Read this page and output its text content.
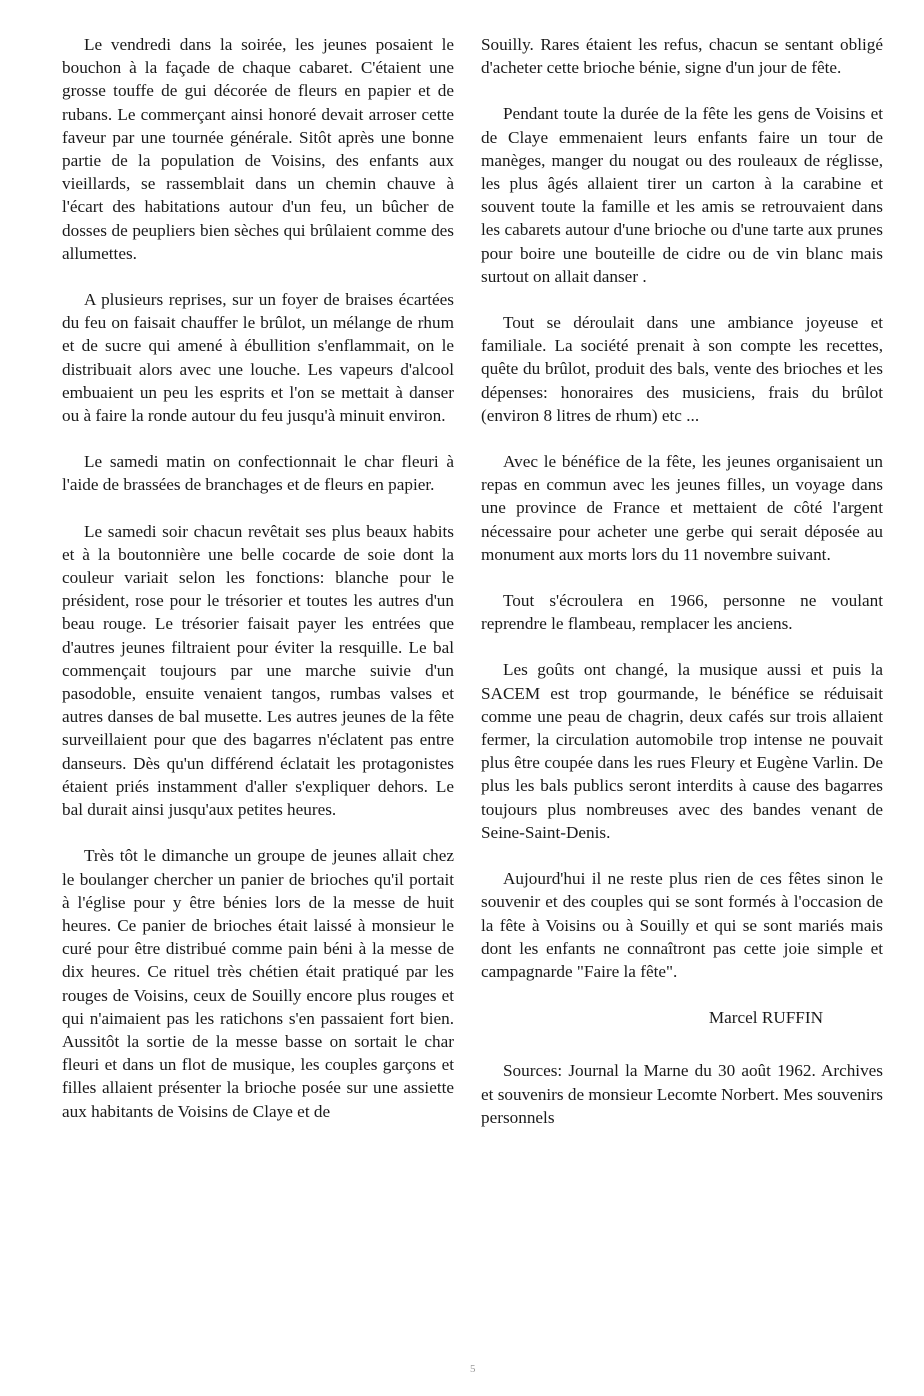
Le vendredi dans la soirée, les jeunes posaient le bouchon à la façade de chaque cabaret. C'étaient une grosse touffe de gui décorée de fleurs en papier et de rubans. Le commerçant ainsi honoré devait arroser cette faveur par une tournée générale. Sitôt après une bonne partie de la population de Voisins, des enfants aux vieillards, se rassemblait dans un chemin chauve à l'écart des habitations autour d'un feu, un bûcher de dosses de peupliers bien sèches qui brûlaient comme des allumettes.

A plusieurs reprises, sur un foyer de braises écartées du feu on faisait chauffer le brûlot, un mélange de rhum et de sucre qui amené à ébullition s'enflammait, on le distribuait alors avec une louche. Les vapeurs d'alcool embuaient un peu les esprits et l'on se mettait à danser ou à faire la ronde autour du feu jusqu'à minuit environ.

Le samedi matin on confectionnait le char fleuri à l'aide de brassées de branchages et de fleurs en papier.

Le samedi soir chacun revêtait ses plus beaux habits et à la boutonnière une belle cocarde de soie dont la couleur variait selon les fonctions: blanche pour le président, rose pour le trésorier et toutes les autres d'un beau rouge. Le trésorier faisait payer les entrées que d'autres jeunes filtraient pour éviter la resquille. Le bal commençait toujours par une marche suivie d'un pasodoble, ensuite venaient tangos, rumbas valses et autres danses de bal musette. Les autres jeunes de la fête surveillaient pour que des bagarres n'éclatent pas entre danseurs. Dès qu'un différend éclatait les protagonistes étaient priés instamment d'aller s'expliquer dehors. Le bal durait ainsi jusqu'aux petites heures.

Très tôt le dimanche un groupe de jeunes allait chez le boulanger chercher un panier de brioches qu'il portait à l'église pour y être bénies lors de la messe de huit heures. Ce panier de brioches était laissé à monsieur le curé pour être distribué comme pain béni à la messe de dix heures. Ce rituel très chétien était pratiqué par les rouges de Voisins, ceux de Souilly encore plus rouges et qui n'aimaient pas les ratichons s'en passaient fort bien. Aussitôt la sortie de la messe basse on sortait le char fleuri et dans un flot de musique, les couples garçons et filles allaient présenter la brioche posée sur une assiette aux habitants de Voisins de Claye et de

Souilly. Rares étaient les refus, chacun se sentant obligé d'acheter cette brioche bénie, signe d'un jour de fête.

Pendant toute la durée de la fête les gens de Voisins et de Claye emmenaient leurs enfants faire un tour de manèges, manger du nougat ou des rouleaux de réglisse, les plus âgés allaient tirer un carton à la carabine et souvent toute la famille et les amis se retrouvaient dans les cabarets autour d'une brioche ou d'une tarte aux prunes pour boire une bouteille de cidre ou de vin blanc mais surtout on allait danser .

Tout se déroulait dans une ambiance joyeuse et familiale. La société prenait à son compte les recettes, quête du brûlot, produit des bals, vente des brioches et les dépenses: honoraires des musiciens, frais du brûlot (environ 8 litres de rhum) etc ...

Avec le bénéfice de la fête, les jeunes organisaient un repas en commun avec les jeunes filles, un voyage dans une province de France et mettaient de côté l'argent nécessaire pour acheter une gerbe qui serait déposée au monument aux morts lors du 11 novembre suivant.

Tout s'écroulera en 1966, personne ne voulant reprendre le flambeau, remplacer les anciens.

Les goûts ont changé, la musique aussi et puis la SACEM est trop gourmande, le bénéfice se réduisait comme une peau de chagrin, deux cafés sur trois allaient fermer, la circulation automobile trop intense ne pouvait plus être coupée dans les rues Fleury et Eugène Varlin. De plus les bals publics seront interdits à cause des bagarres toujours plus nombreuses avec des bandes venant de Seine-Saint-Denis.

Aujourd'hui il ne reste plus rien de ces fêtes sinon le souvenir et des couples qui se sont formés à l'occasion de la fête à Voisins ou à Souilly et qui se sont mariés mais dont les enfants ne connaîtront pas cette joie simple et campagnarde "Faire la fête".

Marcel RUFFIN

Sources: Journal la Marne du 30 août 1962. Archives et souvenirs de monsieur Lecomte Norbert. Mes souvenirs personnels

5
